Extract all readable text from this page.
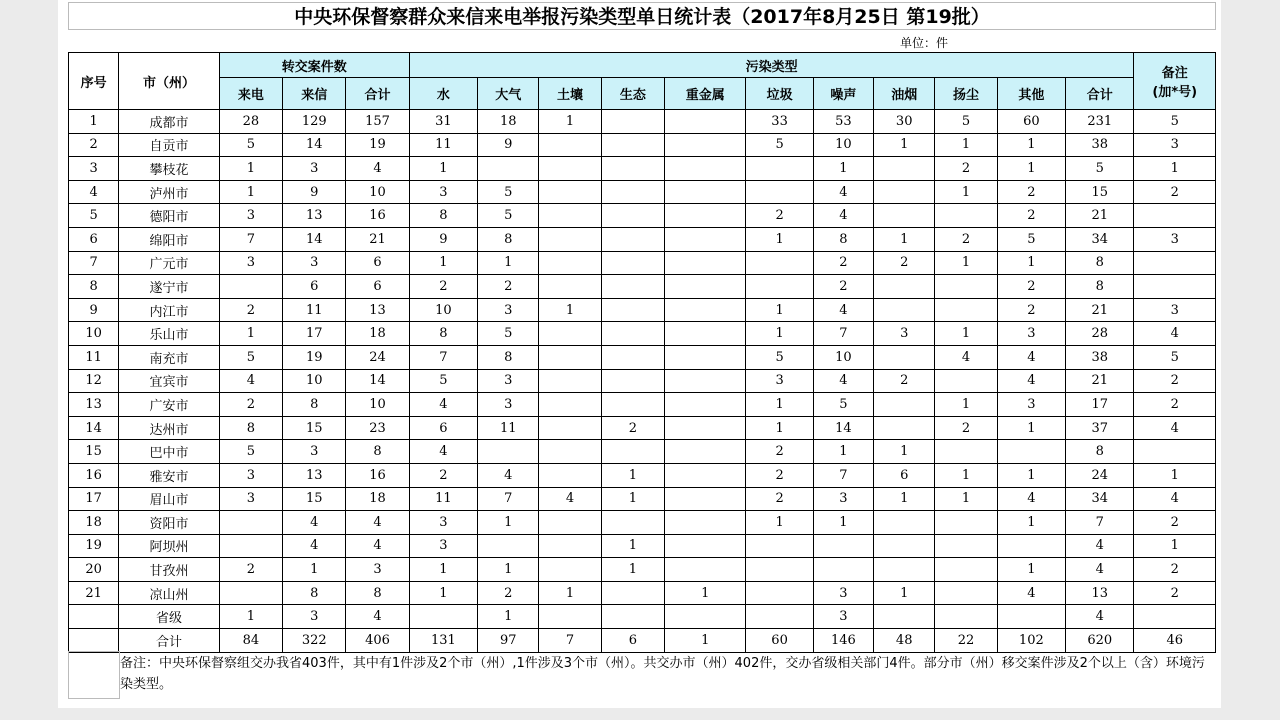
中央环保督察群众来信来电举报污染类型单日统计表（2017年8月25日 第19批）
单位：件
序号	市（州）	转交案件数			污染类型											备注
(加*号)

		来电	来信	合计	水	大气	土壤	生态	重金属	垃圾	噪声	油烟	扬尘	其他	合计	
1	成都市	28	129	157	31	18	1			33	53	30	5	60	231	5
2	自贡市	5	14	19	11	9				5	10	1	1	1	38	3
3	攀枝花	1	3	4	1						1		2	1	5	1
4	泸州市	1	9	10	3	5					4		1	2	15	2
5	德阳市	3	13	16	8	5				2	4			2	21	
6	绵阳市	7	14	21	9	8				1	8	1	2	5	34	3
7	广元市	3	3	6	1	1					2	2	1	1	8	
8	遂宁市		6	6	2	2					2			2	8	
9	内江市	2	11	13	10	3	1			1	4			2	21	3
10	乐山市	1	17	18	8	5				1	7	3	1	3	28	4
11	南充市	5	19	24	7	8				5	10		4	4	38	5
12	宜宾市	4	10	14	5	3				3	4	2		4	21	2
13	广安市	2	8	10	4	3				1	5		1	3	17	2
14	达州市	8	15	23	6	11		2		1	14		2	1	37	4
15	巴中市	5	3	8	4					2	1	1			8	
16	雅安市	3	13	16	2	4		1		2	7	6	1	1	24	1
17	眉山市	3	15	18	11	7	4	1		2	3	1	1	4	34	4
18	资阳市		4	4	3	1				1	1			1	7	2
19	阿坝州		4	4	3			1							4	1
20	甘孜州	2	1	3	1	1		1						1	4	2
21	凉山州		8	8	1	2	1		1		3	1		4	13	2
	省级	1	3	4		1					3				4	
	合计	84	322	406	131	97	7	6	1	60	146	48	22	102	620	46
备注：中央环保督察组交办我省403件，其中有1件涉及2个市（州）,1件涉及3个市（州）。共交办市（州）402件，交办省级相关部门4件。部分市（州）移交案件涉及2个以上（含）环境污染类型。
